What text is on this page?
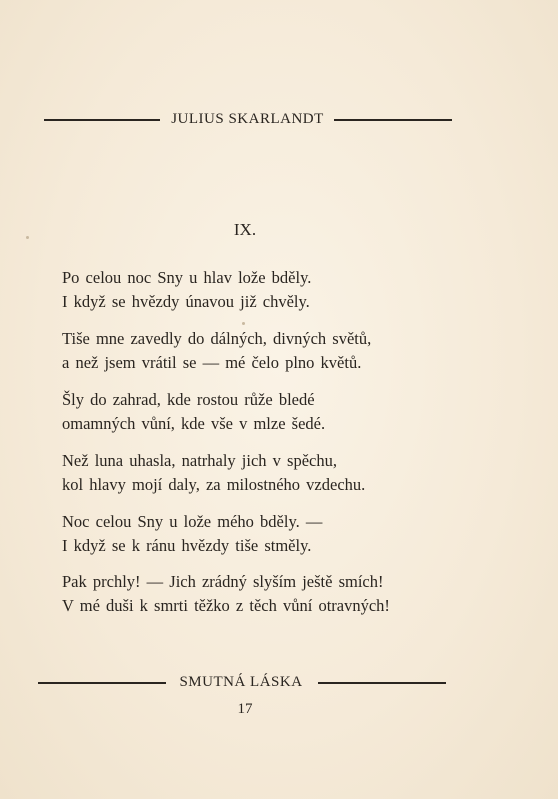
JULIUS SKARLANDT
IX.
Po celou noc Sny u hlav lože bděly.
I když se hvězdy únavou již chvěly.
Tiše mne zavedly do dálných, divných světů,
a než jsem vrátil se — mé čelo plno květů.
Šly do zahrad, kde rostou růže bledé
omamných vůní, kde vše v mlze šedé.
Než luna uhasla, natrhaly jich v spěchu,
kol hlavy mojí daly, za milostného vzdechu.
Noc celou Sny u lože mého bděly. —
I když se k ránu hvězdy tiše stměly.
Pak prchly! — Jich zrádný slyším ještě smích!
V mé duši k smrti těžko z těch vůní otravných!
SMUTNÁ LÁSKA
17
